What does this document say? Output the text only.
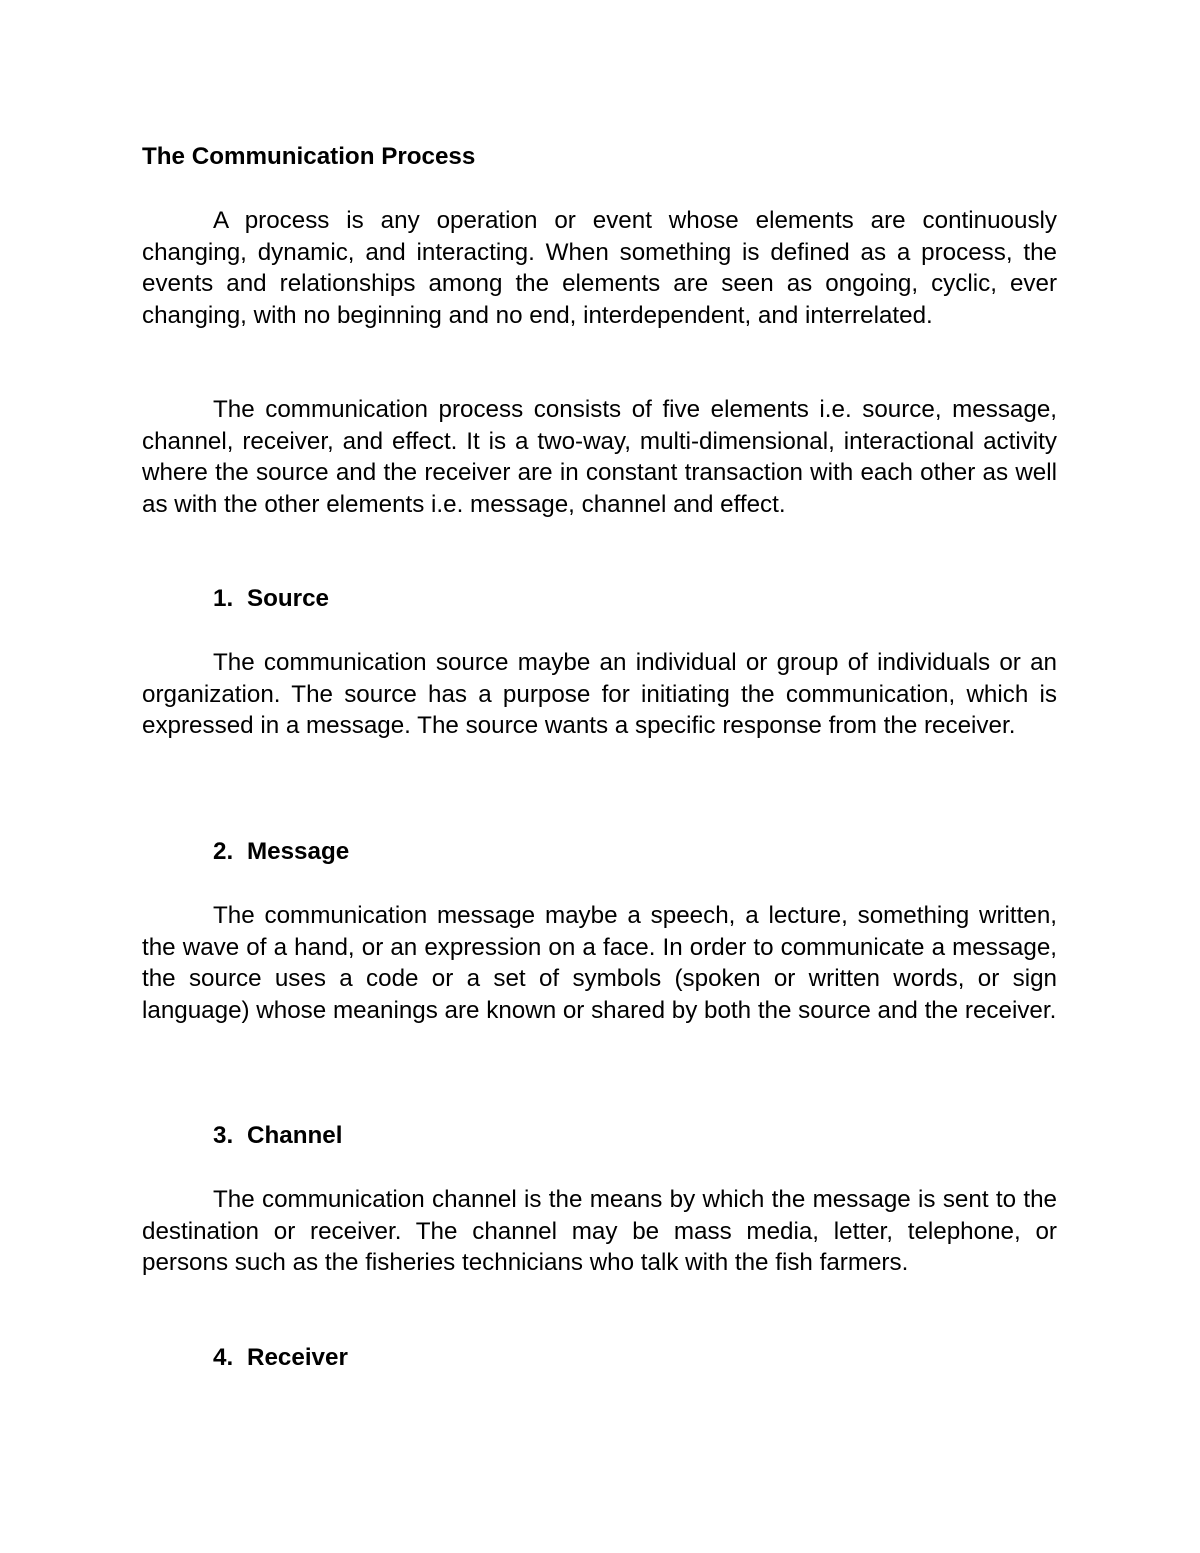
The Communication Process

A process is any operation or event whose elements are continuously changing, dynamic, and interacting. When something is defined as a process, the events and relationships among the elements are seen as ongoing, cyclic, ever changing, with no beginning and no end, interdependent, and interrelated.

The communication process consists of five elements i.e. source, message, channel, receiver, and effect. It is a two-way, multi-dimensional, interactional activity where the source and the receiver are in constant transaction with each other as well as with the other elements i.e. message, channel and effect.

1. Source

The communication source maybe an individual or group of individuals or an organization. The source has a purpose for initiating the communication, which is expressed in a message. The source wants a specific response from the receiver.

2. Message

The communication message maybe a speech, a lecture, something written, the wave of a hand, or an expression on a face. In order to communicate a message, the source uses a code or a set of symbols (spoken or written words, or sign language) whose meanings are known or shared by both the source and the receiver.

3. Channel

The communication channel is the means by which the message is sent to the destination or receiver. The channel may be mass media, letter, telephone, or persons such as the fisheries technicians who talk with the fish farmers.

4. Receiver
